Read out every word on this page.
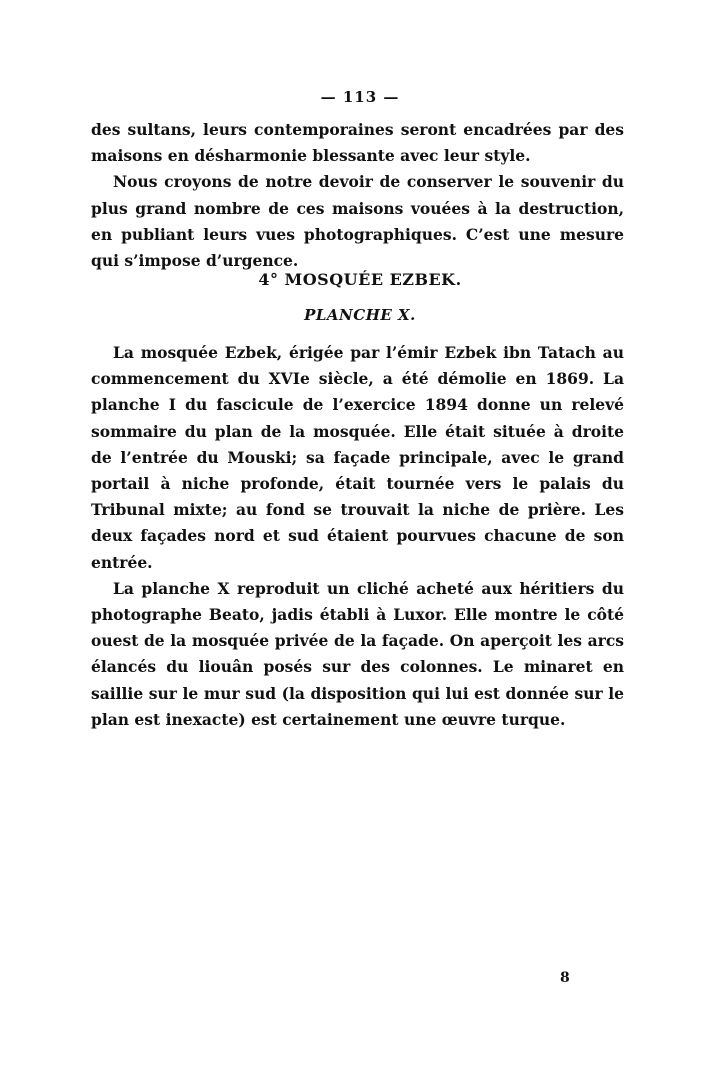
— 113 —

des sultans, leurs contemporaines seront encadrées par des maisons en désharmonie blessante avec leur style.

Nous croyons de notre devoir de conserver le souvenir du plus grand nombre de ces maisons vouées à la destruction, en publiant leurs vues photographiques. C’est une mesure qui s’impose d’urgence.

4° MOSQUÉE EZBEK.
PLANCHE X.

La mosquée Ezbek, érigée par l’émir Ezbek ibn Tatach au commencement du XVIe siècle, a été démolie en 1869. La planche I du fascicule de l’exercice 1894 donne un relevé sommaire du plan de la mosquée. Elle était située à droite de l’entrée du Mouski; sa façade principale, avec le grand portail à niche profonde, était tournée vers le palais du Tribunal mixte; au fond se trouvait la niche de prière. Les deux façades nord et sud étaient pourvues chacune de son entrée.

La planche X reproduit un cliché acheté aux héritiers du photographe Beato, jadis établi à Luxor. Elle montre le côté ouest de la mosquée privée de la façade. On aperçoit les arcs élancés du liouân posés sur des colonnes. Le minaret en saillie sur le mur sud (la disposition qui lui est donnée sur le plan est inexacte) est certainement une œuvre turque.

8
